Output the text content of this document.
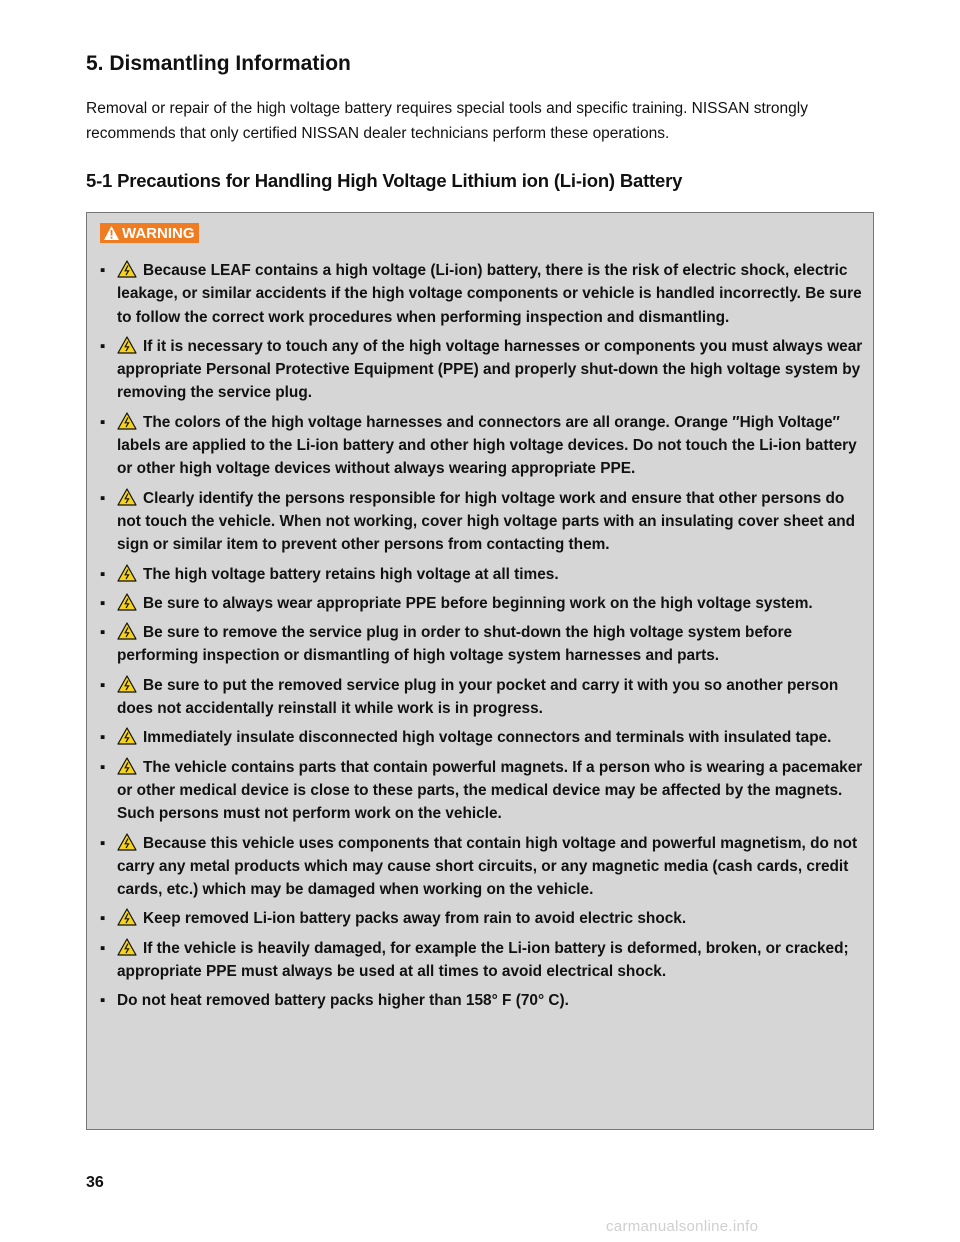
5. Dismantling Information

Removal or repair of the high voltage battery requires special tools and specific training. NISSAN strongly recommends that only certified NISSAN dealer technicians perform these operations.

5-1 Precautions for Handling High Voltage Lithium ion (Li-ion) Battery
WARNING
▪ Because LEAF contains a high voltage (Li-ion) battery, there is the risk of electric shock, electric leakage, or similar accidents if the high voltage components or vehicle is handled incorrectly. Be sure to follow the correct work procedures when performing inspection and dismantling.
▪ If it is necessary to touch any of the high voltage harnesses or components you must always wear appropriate Personal Protective Equipment (PPE) and properly shut-down the high voltage system by removing the service plug.
▪ The colors of the high voltage harnesses and connectors are all orange. Orange ″High Voltage″ labels are applied to the Li-ion battery and other high voltage devices. Do not touch the Li-ion battery or other high voltage devices without always wearing appropriate PPE.
▪ Clearly identify the persons responsible for high voltage work and ensure that other persons do not touch the vehicle. When not working, cover high voltage parts with an insulating cover sheet and sign or similar item to prevent other persons from contacting them.
▪ The high voltage battery retains high voltage at all times.
▪ Be sure to always wear appropriate PPE before beginning work on the high voltage system.
▪ Be sure to remove the service plug in order to shut-down the high voltage system before performing inspection or dismantling of high voltage system harnesses and parts.
▪ Be sure to put the removed service plug in your pocket and carry it with you so another person does not accidentally reinstall it while work is in progress.
▪ Immediately insulate disconnected high voltage connectors and terminals with insulated tape.
▪ The vehicle contains parts that contain powerful magnets. If a person who is wearing a pacemaker or other medical device is close to these parts, the medical device may be affected by the magnets. Such persons must not perform work on the vehicle.
▪ Because this vehicle uses components that contain high voltage and powerful magnetism, do not carry any metal products which may cause short circuits, or any magnetic media (cash cards, credit cards, etc.) which may be damaged when working on the vehicle.
▪ Keep removed Li-ion battery packs away from rain to avoid electric shock.
▪ If the vehicle is heavily damaged, for example the Li-ion battery is deformed, broken, or cracked; appropriate PPE must always be used at all times to avoid electrical shock.
▪ Do not heat removed battery packs higher than 158° F (70° C).

36

carmanualsonline.info
